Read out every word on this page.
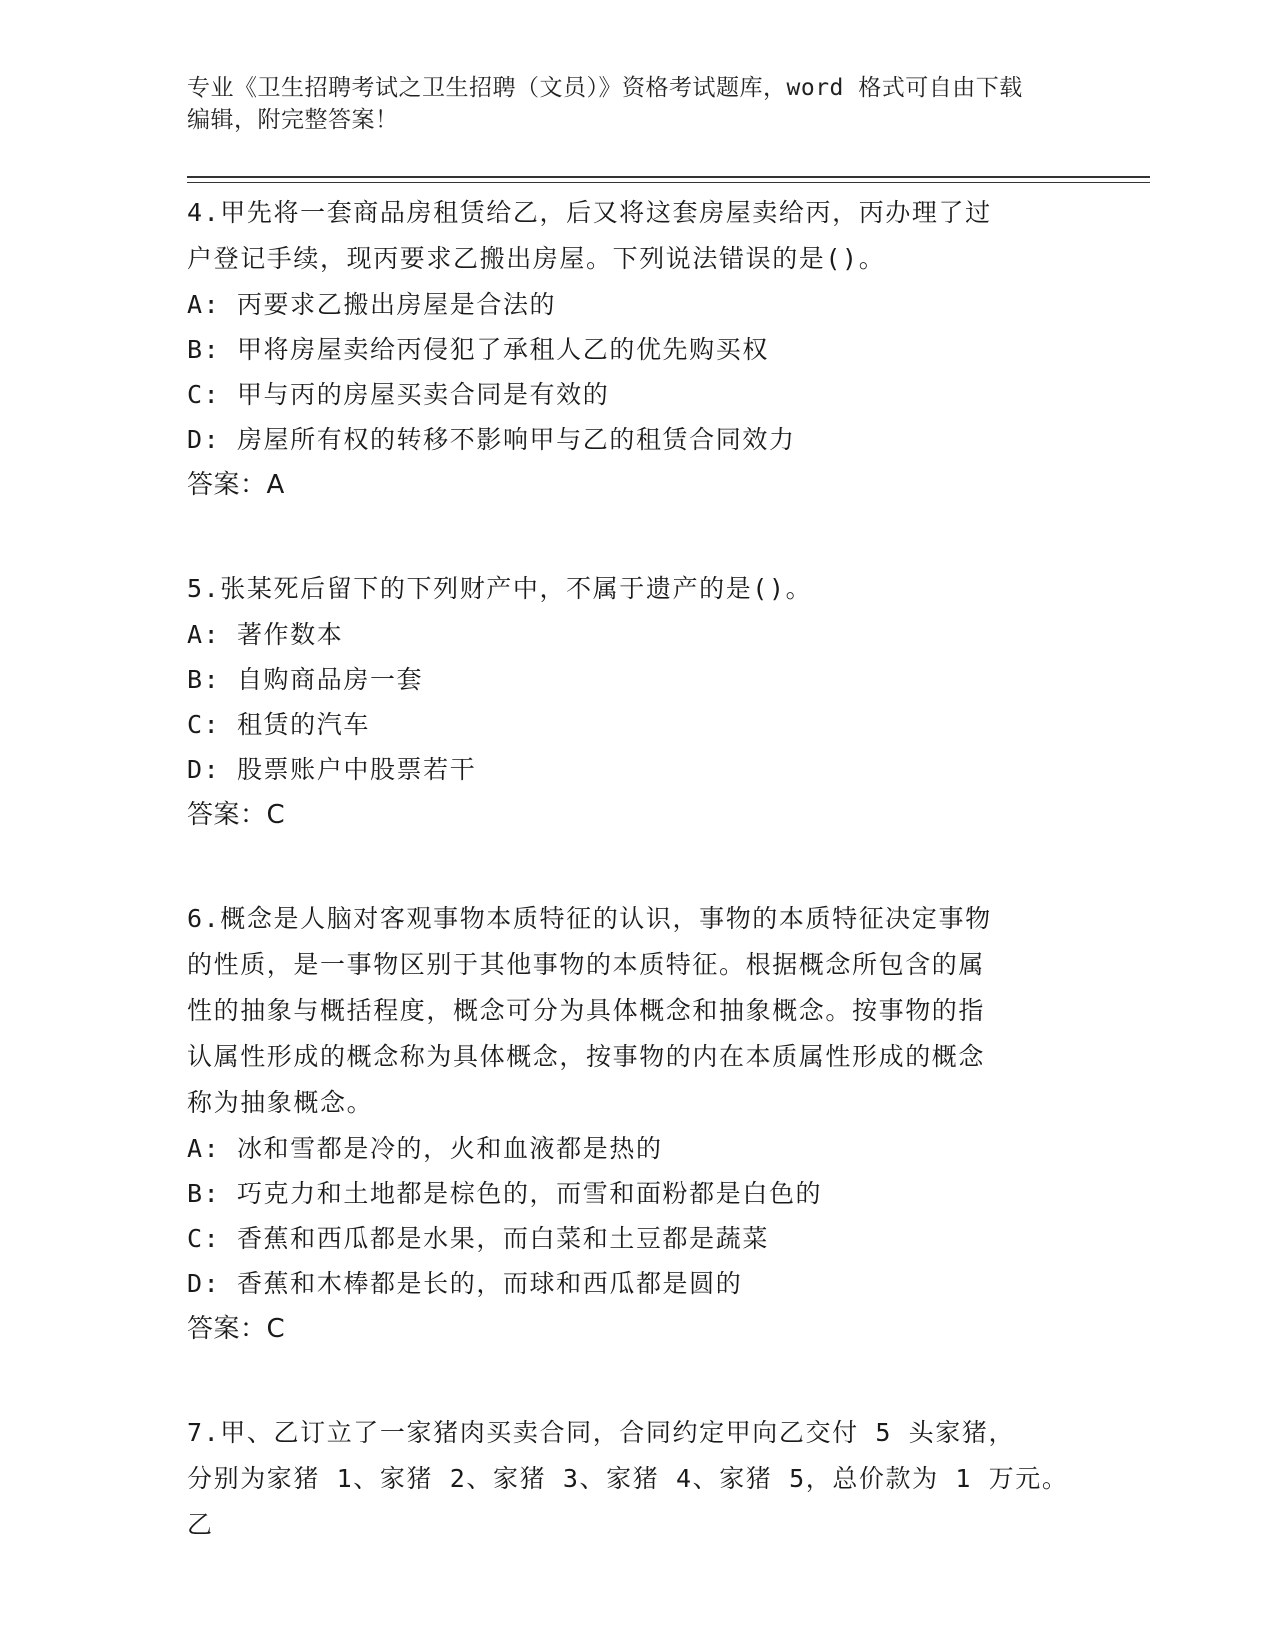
专业《卫生招聘考试之卫生招聘（文员）》资格考试题库，word 格式可自由下载
编辑，附完整答案！

4.甲先将一套商品房租赁给乙，后又将这套房屋卖给丙，丙办理了过

户登记手续，现丙要求乙搬出房屋。下列说法错误的是()。

A: 丙要求乙搬出房屋是合法的

B: 甲将房屋卖给丙侵犯了承租人乙的优先购买权

C: 甲与丙的房屋买卖合同是有效的

D: 房屋所有权的转移不影响甲与乙的租赁合同效力

答案：A

5.张某死后留下的下列财产中，不属于遗产的是()。

A: 著作数本

B: 自购商品房一套

C: 租赁的汽车

D: 股票账户中股票若干

答案：C

6.概念是人脑对客观事物本质特征的认识，事物的本质特征决定事物

的性质，是一事物区别于其他事物的本质特征。根据概念所包含的属

性的抽象与概括程度，概念可分为具体概念和抽象概念。按事物的指

认属性形成的概念称为具体概念，按事物的内在本质属性形成的概念

称为抽象概念。

A: 冰和雪都是冷的，火和血液都是热的

B: 巧克力和土地都是棕色的，而雪和面粉都是白色的

C: 香蕉和西瓜都是水果，而白菜和土豆都是蔬菜

D: 香蕉和木棒都是长的，而球和西瓜都是圆的

答案：C

7.甲、乙订立了一家猪肉买卖合同，合同约定甲向乙交付 5 头家猪，

分别为家猪 1、家猪 2、家猪 3、家猪 4、家猪 5，总价款为 1 万元。乙
